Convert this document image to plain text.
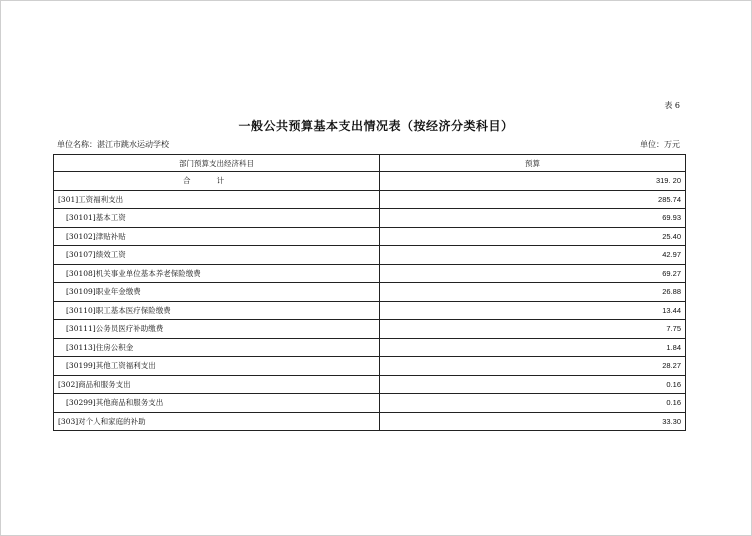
表 6
一般公共预算基本支出情况表（按经济分类科目）
单位名称：湛江市跳水运动学校	单位：万元
部门预算支出经济科目	预算
合计	319. 20
[301]工资福利支出	285.74
[30101]基本工资	69.93
[30102]津贴补贴	25.40
[30107]绩效工资	42.97
[30108]机关事业单位基本养老保险缴费	69.27
[30109]职业年金缴费	26.88
[30110]职工基本医疗保险缴费	13.44
[30111]公务员医疗补助缴费	7.75
[30113]住房公积金	1.84
[30199]其他工资福利支出	28.27
[302]商品和服务支出	0.16
[30299]其他商品和服务支出	0.16
[303]对个人和家庭的补助	33.30
